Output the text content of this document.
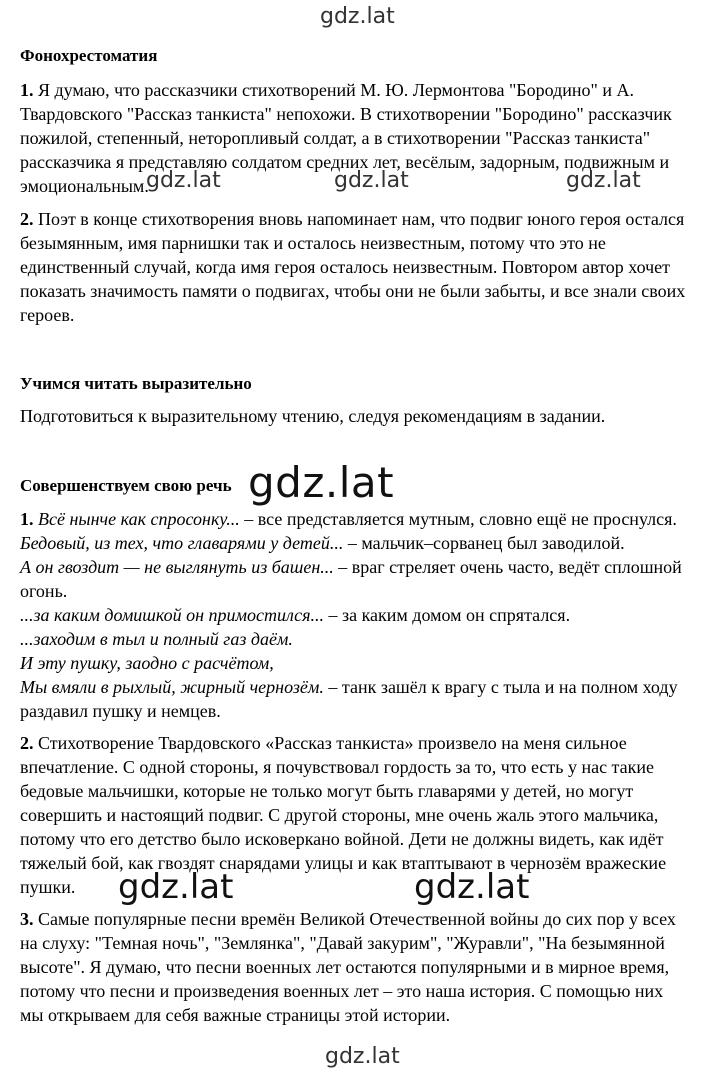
Фонохрестоматия
1. Я думаю, что рассказчики стихотворений М. Ю. Лермонтова "Бородино" и А.
Твардовского "Рассказ танкиста" непохожи. В стихотворении "Бородино" рассказчик
пожилой, степенный, неторопливый солдат, а в стихотворении "Рассказ танкиста"
рассказчика я представляю солдатом средних лет, весёлым, задорным, подвижным и
эмоциональным.
2. Поэт в конце стихотворения вновь напоминает нам, что подвиг юного героя остался
безымянным, имя парнишки так и осталось неизвестным, потому что это не
единственный случай, когда имя героя осталось неизвестным. Повтором автор хочет
показать значимость памяти о подвигах, чтобы они не были забыты, и все знали своих
героев.
Учимся читать выразительно
Подготовиться к выразительному чтению, следуя рекомендациям в задании.
Совершенствуем свою речь
1. Всё нынче как спросонку... – все представляется мутным, словно ещё не проснулся.
Бедовый, из тех, что главарями у детей... – мальчик–сорванец был заводилой.
А он гвоздит — не выглянуть из башен... – враг стреляет очень часто, ведёт сплошной
огонь.
...за каким домишкой он примостился... – за каким домом он спрятался.
...заходим в тыл и полный газ даём.
И эту пушку, заодно с расчётом,
Мы вмяли в рыхлый, жирный чернозём. – танк зашёл к врагу с тыла и на полном ходу
раздавил пушку и немцев.
2. Стихотворение Твардовского «Рассказ танкиста» произвело на меня сильное
впечатление. С одной стороны, я почувствовал гордость за то, что есть у нас такие
бедовые мальчишки, которые не только могут быть главарями у детей, но могут
совершить и настоящий подвиг. С другой стороны, мне очень жаль этого мальчика,
потому что его детство было исковеркано войной. Дети не должны видеть, как идёт
тяжелый бой, как гвоздят снарядами улицы и как втаптывают в чернозём вражеские
пушки.
3. Самые популярные песни времён Великой Отечественной войны до сих пор у всех
на слуху: "Темная ночь", "Землянка", "Давай закурим", "Журавли", "На безымянной
высоте". Я думаю, что песни военных лет остаются популярными и в мирное время,
потому что песни и произведения военных лет – это наша история. С помощью них
мы открываем для себя важные страницы этой истории.
gdz.lat
gdz.lat	gdz.lat	gdz.lat
gdz.lat
gdz.lat	gdz.lat
gdz.lat
